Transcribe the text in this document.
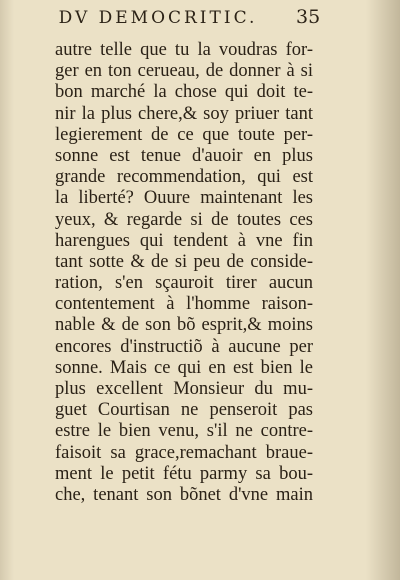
DV DEMOCRITIC.	35
autre telle que tu la voudras for-
ger en ton cerueau, de donner à si
bon marché la chose qui doit te-
nir la plus chere,& soy priuer tant
legierement de ce que toute per-
sonne est tenue d'auoir en plus
grande recommendation, qui est
la liberté? Ouure maintenant les
yeux, & regarde si de toutes ces
harengues qui tendent à vne fin
tant sotte & de si peu de conside-
ration, s'en sçauroit tirer aucun
contentement à l'homme raison-
nable & de son bõ esprit,& moins
encores d'instructiõ à aucune per
sonne. Mais ce qui en est bien le
plus excellent Monsieur du mu-
guet Courtisan ne penseroit pas
estre le bien venu, s'il ne contre-
faisoit sa grace,remachant braue-
ment le petit fétu parmy sa bou-
che, tenant son bõnet d'vne main
